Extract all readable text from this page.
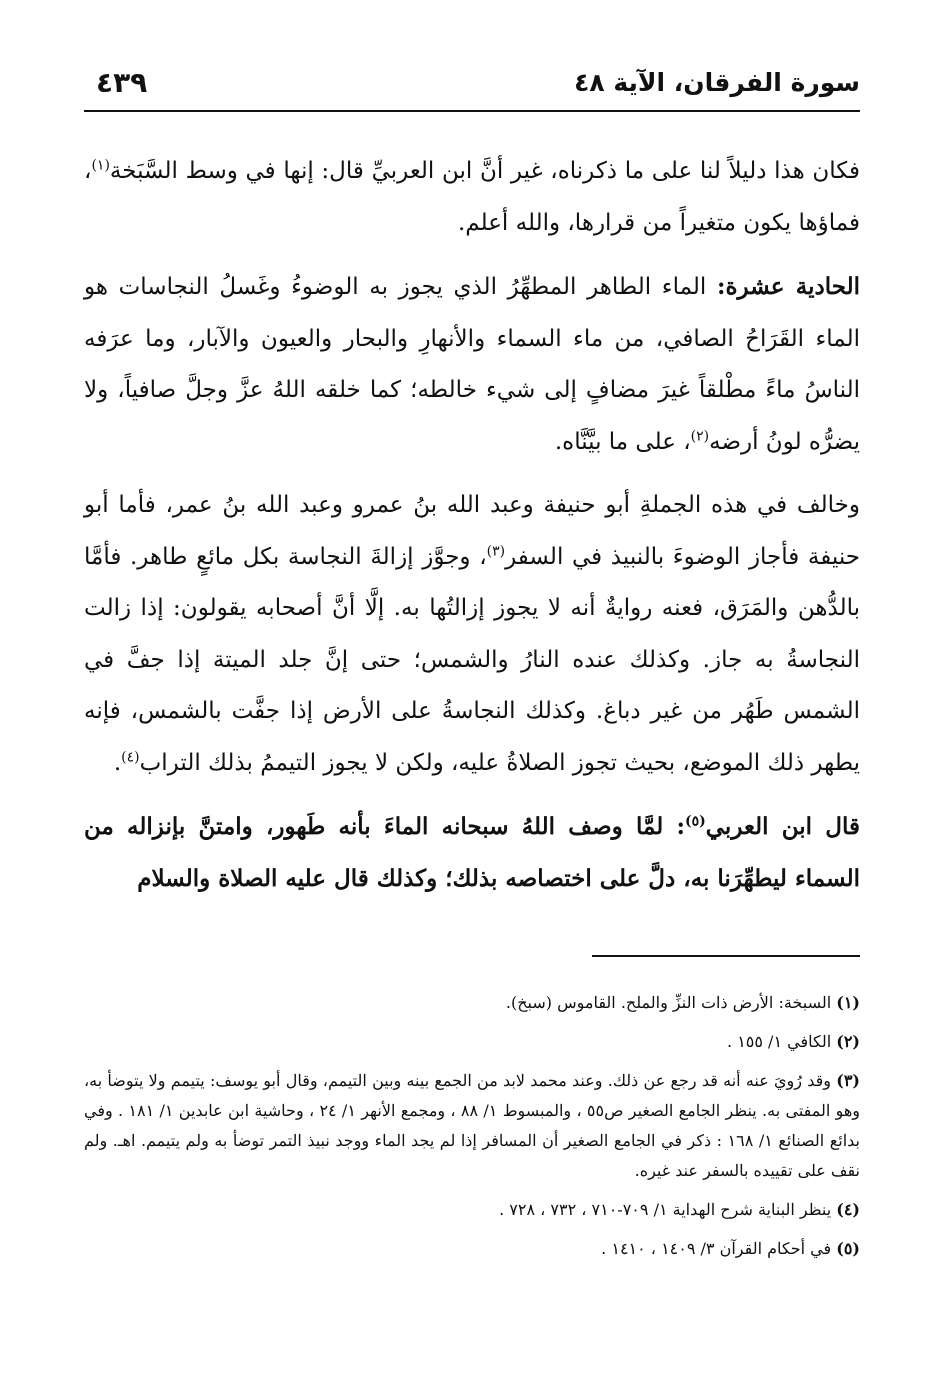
سورة الفرقان، الآية ٤٨
٤٣٩

فكان هذا دليلاً لنا على ما ذكرناه، غير أنَّ ابن العربيِّ قال: إنها في وسط السَّبَخة$^{(١)}$، فماؤها يكون متغيراً من قرارها، والله أعلم.

الحادية عشرة: الماء الطاهر المطهِّرُ الذي يجوز به الوضوءُ وغَسلُ النجاسات هو الماء القَرَاحُ الصافي، من ماء السماء والأنهارِ والبحار والعيون والآبار، وما عرَفه الناسُ ماءً مطْلقاً غيرَ مضافٍ إلى شيء خالطه؛ كما خلقه اللهُ عزَّ وجلَّ صافياً، ولا يضرُّه لونُ أرضه$^{(٢)}$، على ما بيَّنَّاه.

وخالف في هذه الجملةِ أبو حنيفة وعبد الله بنُ عمرو وعبد الله بنُ عمر، فأما أبو حنيفة فأجاز الوضوءَ بالنبيذ في السفر$^{(٣)}$، وجوَّز إزالةَ النجاسة بكل مائعٍ طاهر. فأمَّا بالدُّهن والمَرَق، فعنه روايةٌ أنه لا يجوز إزالتُها به. إلَّا أنَّ أصحابه يقولون: إذا زالت النجاسةُ به جاز. وكذلك عنده النارُ والشمس؛ حتى إنَّ جلد الميتة إذا جفَّ في الشمس طَهُر من غير دباغ. وكذلك النجاسةُ على الأرض إذا جفَّت بالشمس، فإنه يطهر ذلك الموضع، بحيث تجوز الصلاةُ عليه، ولكن لا يجوز التيممُ بذلك التراب$^{(٤)}$.

قال ابن العربي$^{(٥)}$: لمَّا وصف اللهُ سبحانه الماءَ بأنه طَهور، وامتنَّ بإنزاله من السماء ليطهِّرَنا به، دلَّ على اختصاصه بذلك؛ وكذلك قال عليه الصلاة والسلام

(١) السبخة: الأرض ذات النزِّ والملح. القاموس (سبخ).

(٢) الكافي ١/ ١٥٥ .

(٣) وقد رُويَ عنه أنه قد رجع عن ذلك. وعند محمد لابد من الجمع بينه وبين التيمم، وقال أبو يوسف: يتيمم ولا يتوضأ به، وهو المفتى به. ينظر الجامع الصغير ص٥٥ ، والمبسوط ١/ ٨٨ ، ومجمع الأنهر ١/ ٢٤ ، وحاشية ابن عابدين ١/ ١٨١ . وفي بدائع الصنائع ١/ ١٦٨ : ذكر في الجامع الصغير أن المسافر إذا لم يجد الماء ووجد نبيذ التمر توضأ به ولم يتيمم. اهـ. ولم نقف على تقييده بالسفر عند غيره.

(٤) ينظر البناية شرح الهداية ١/ ٧٠٩-٧١٠ ، ٧٣٢ ، ٧٢٨ .

(٥) في أحكام القرآن ٣/ ١٤٠٩ ، ١٤١٠ .
